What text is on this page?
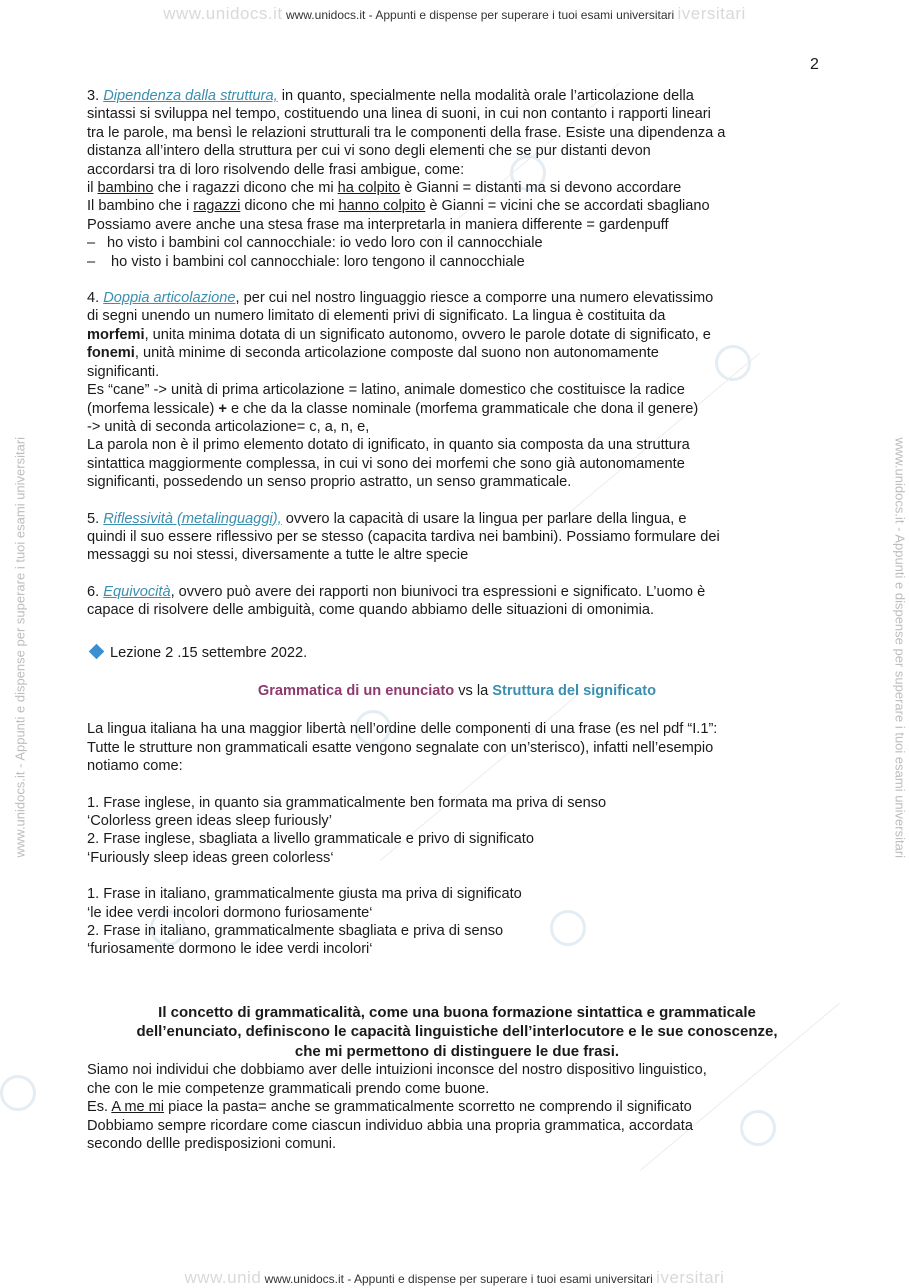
www.unidocs.it www.unidocs.it - Appunti e dispense per superare i tuoi esami universitari iversitari
www.unid www.unidocs.it - Appunti e dispense per superare i tuoi esami universitari iversitari
www.unidocs.it - Appunti e dispense per superare i tuoi esami universitari	www.unidocs.it - Appunti e dispense per superare i tuoi esami universitari
2

3. Dipendenza dalla struttura, in quanto, specialmente nella modalità orale l’articolazione della

sintassi si sviluppa nel tempo, costituendo una linea di suoni, in cui non contanto i rapporti lineari

tra le parole, ma bensì le relazioni strutturali tra le componenti della frase. Esiste una dipendenza a

distanza all’intero della struttura per cui vi sono degli elementi che se pur distanti devon

accordarsi tra di loro risolvendo delle frasi ambigue, come:

il bambino che i ragazzi dicono che mi ha colpito è Gianni = distanti ma si devono accordare

Il bambino che i ragazzi dicono che mi hanno colpito è Gianni = vicini che se accordati sbagliano

Possiamo avere anche una stesa frase ma interpretarla in maniera differente = gardenpuff

– ho visto i bambini col cannocchiale: io vedo loro con il cannocchiale

– ho visto i bambini col cannocchiale: loro tengono il cannocchiale

4. Doppia articolazione, per cui nel nostro linguaggio riesce a comporre una numero elevatissimo

di segni unendo un numero limitato di elementi privi di significato. La lingua è costituita da

morfemi, unita minima dotata di un significato autonomo, ovvero le parole dotate di significato, e

fonemi, unità minime di seconda articolazione composte dal suono non autonomamente

significanti.

Es “cane” -> unità di prima articolazione = latino, animale domestico che costituisce la radice

(morfema lessicale) + e che da la classe nominale (morfema grammaticale che dona il genere)

-> unità di seconda articolazione= c, a, n, e,

La parola non è il primo elemento dotato di ignificato, in quanto sia composta da una struttura

sintattica maggiormente complessa, in cui vi sono dei morfemi che sono già autonomamente

significanti, possedendo un senso proprio astratto, un senso grammaticale.

5. Riflessività (metalinguaggi), ovvero la capacità di usare la lingua per parlare della lingua, e

quindi il suo essere riflessivo per se stesso (capacita tardiva nei bambini). Possiamo formulare dei

messaggi su noi stessi, diversamente a tutte le altre specie

6. Equivocità, ovvero può avere dei rapporti non biunivoci tra espressioni e significato. L’uomo è

capace di risolvere delle ambiguità, come quando abbiamo delle situazioni di omonimia.

Lezione 2 .15 settembre 2022.

Grammatica di un enunciato vs la Struttura del significato

La lingua italiana ha una maggior libertà nell’ordine delle componenti di una frase (es nel pdf “I.1”:

Tutte le strutture non grammaticali esatte vengono segnalate con un’sterisco), infatti nell’esempio

notiamo come:

1. Frase inglese, in quanto sia grammaticalmente ben formata ma priva di senso

‘Colorless green ideas sleep furiously’

2. Frase inglese, sbagliata a livello grammaticale e privo di significato

‘Furiously sleep ideas green colorless‘

1. Frase in italiano, grammaticalmente giusta ma priva di significato

‘le idee verdi incolori dormono furiosamente‘

2. Frase in italiano, grammaticalmente sbagliata e priva di senso

‘furiosamente dormono le idee verdi incolori‘

Il concetto di grammaticalità, come una buona formazione sintattica e grammaticale

dell’enunciato, definiscono le capacità linguistiche dell’interlocutore e le sue conoscenze,

che mi permettono di distinguere le due frasi.

Siamo noi individui che dobbiamo aver delle intuizioni inconsce del nostro dispositivo linguistico,

che con le mie competenze grammaticali prendo come buone.

Es. A me mi piace la pasta= anche se grammaticalmente scorretto ne comprendo il significato

Dobbiamo sempre ricordare come ciascun individuo abbia una propria grammatica, accordata

secondo dellle predisposizioni comuni.
